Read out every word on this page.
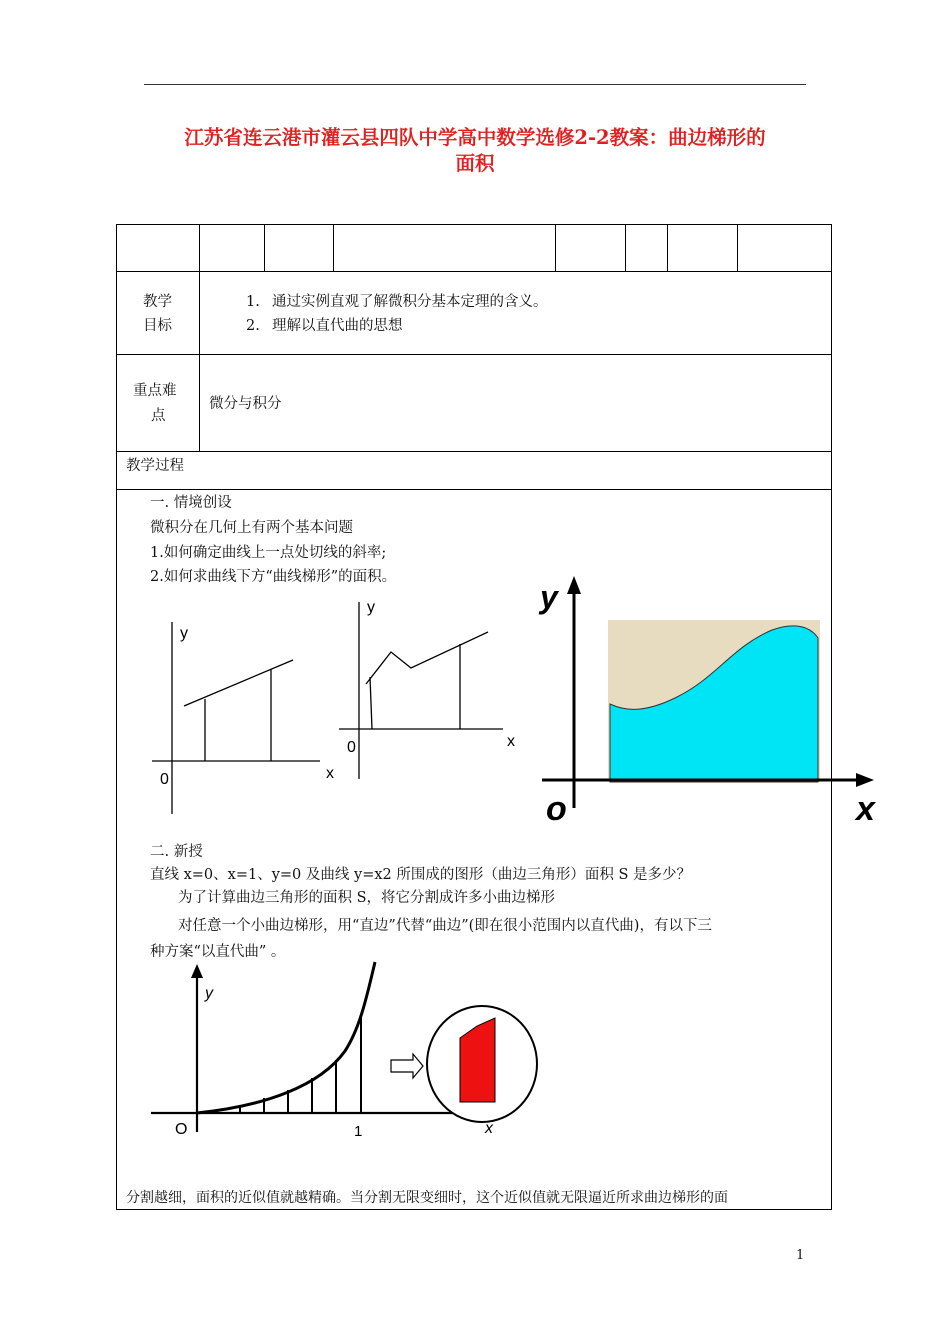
江苏省连云港市灌云县四队中学高中数学选修2-2教案：曲边梯形的
面积
教学
目标
1. 通过实例直观了解微积分基本定理的含义。
2. 理解以直代曲的思想
重点难
点
微分与积分
教学过程
一. 情境创设
微积分在几何上有两个基本问题
1.如何确定曲线上一点处切线的斜率;
2.如何求曲线下方“曲线梯形”的面积。
二. 新授
直线 x=0、x=1、y=0 及曲线 y=x2 所围成的图形（曲边三角形）面积 S 是多少？
为了计算曲边三角形的面积 S，将它分割成许多小曲边梯形
对任意一个小曲边梯形，用“直边”代替“曲边”(即在很小范围内以直代曲)，有以下三
种方案“以直代曲” 。
分割越细，面积的近似值就越精确。当分割无限变细时，这个近似值就无限逼近所求曲边梯形的面
1
y
x
0
y
x
0
y
o	x
y
x
O	1
